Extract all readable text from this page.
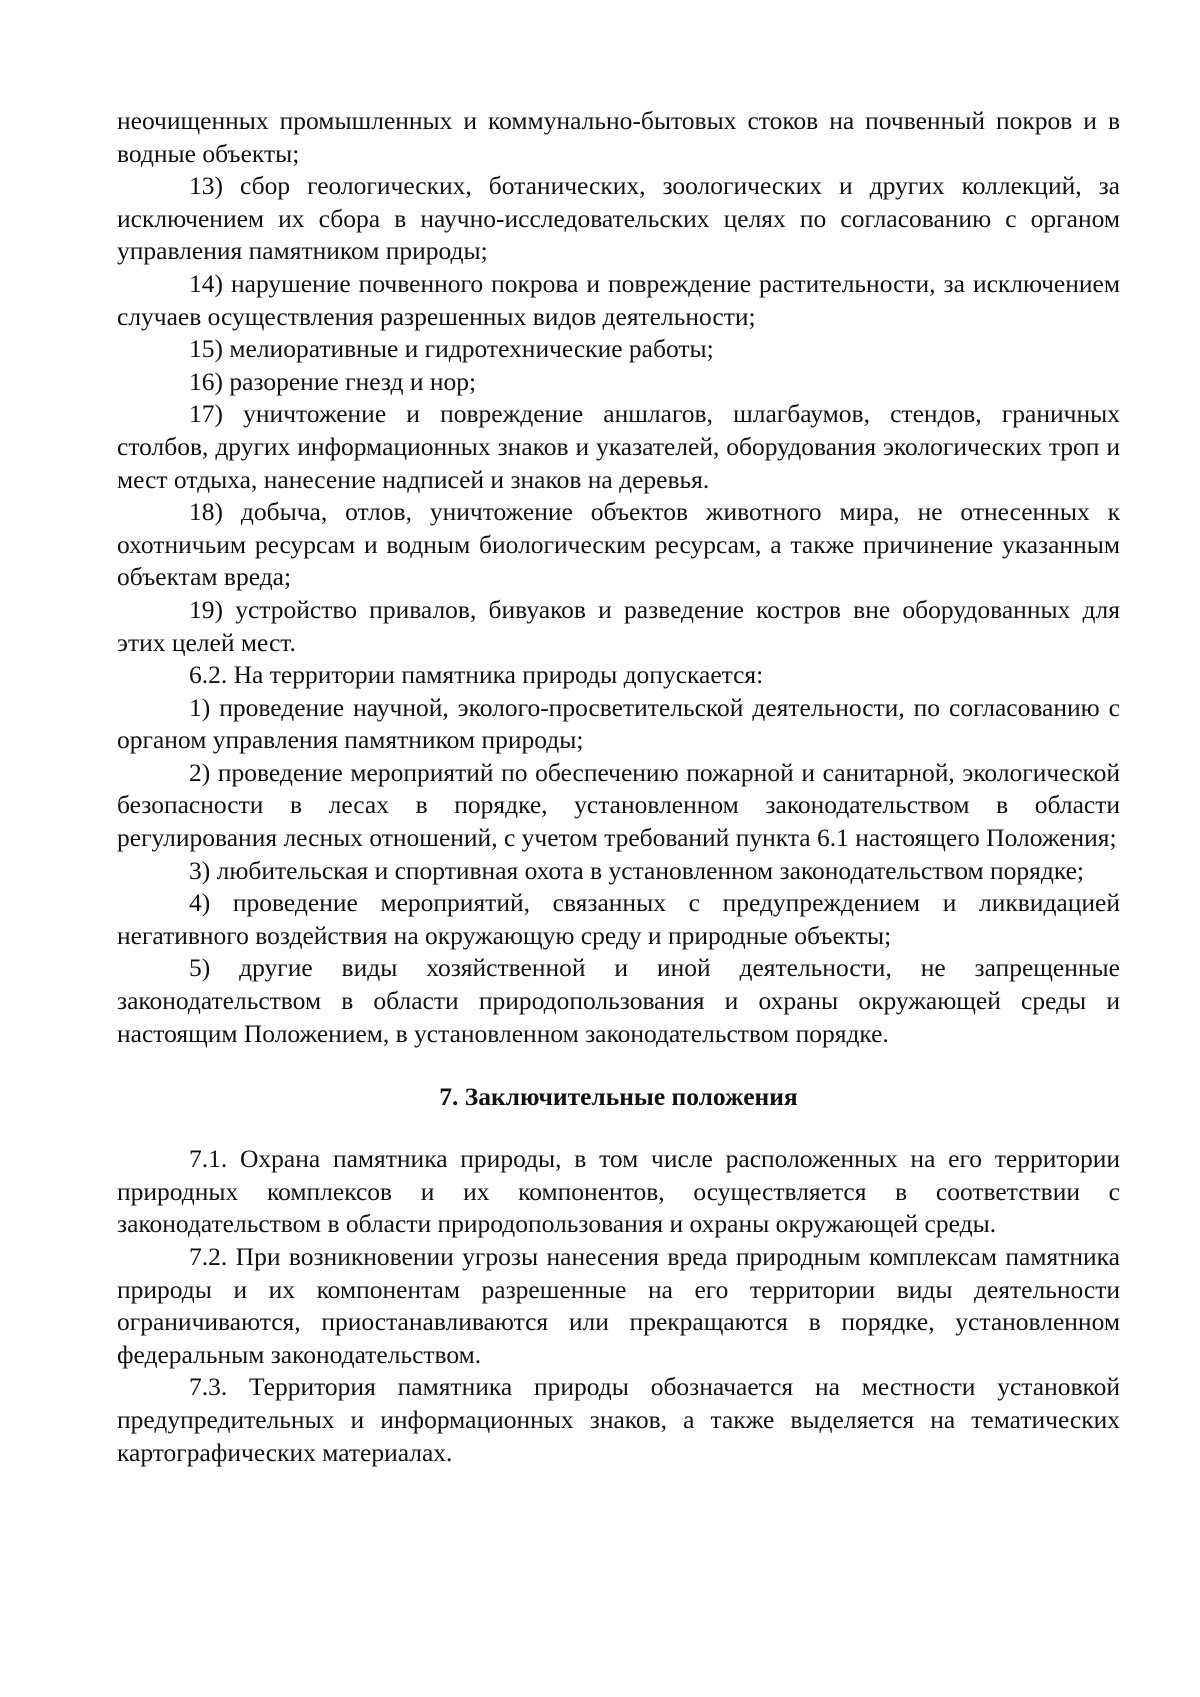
неочищенных промышленных и коммунально-бытовых стоков на почвенный покров и в водные объекты;

13) сбор геологических, ботанических, зоологических и других коллекций, за исключением их сбора в научно-исследовательских целях по согласованию с органом управления памятником природы;

14) нарушение почвенного покрова и повреждение растительности, за исключением случаев осуществления разрешенных видов деятельности;

15) мелиоративные и гидротехнические работы;

16) разорение гнезд и нор;

17) уничтожение и повреждение аншлагов, шлагбаумов, стендов, граничных столбов, других информационных знаков и указателей, оборудования экологических троп и мест отдыха, нанесение надписей и знаков на деревья.

18) добыча, отлов, уничтожение объектов животного мира, не отнесенных к охотничьим ресурсам и водным биологическим ресурсам, а также причинение указанным объектам вреда;

19) устройство привалов, бивуаков и разведение костров вне оборудованных для этих целей мест.

6.2. На территории памятника природы допускается:

1) проведение научной, эколого-просветительской деятельности, по согласованию с органом управления памятником природы;

2) проведение мероприятий по обеспечению пожарной и санитарной, экологической безопасности в лесах в порядке, установленном законодательством в области регулирования лесных отношений, с учетом требований пункта 6.1 настоящего Положения;

3) любительская и спортивная охота в установленном законодательством порядке;

4) проведение мероприятий, связанных с предупреждением и ликвидацией негативного воздействия на окружающую среду и природные объекты;

5) другие виды хозяйственной и иной деятельности, не запрещенные законодательством в области природопользования и охраны окружающей среды и настоящим Положением, в установленном законодательством порядке.

7. Заключительные положения

7.1. Охрана памятника природы, в том числе расположенных на его территории природных комплексов и их компонентов, осуществляется в соответствии с законодательством в области природопользования и охраны окружающей среды.

7.2. При возникновении угрозы нанесения вреда природным комплексам памятника природы и их компонентам разрешенные на его территории виды деятельности ограничиваются, приостанавливаются или прекращаются в порядке, установленном федеральным законодательством.

7.3. Территория памятника природы обозначается на местности установкой предупредительных и информационных знаков, а также выделяется на тематических картографических материалах.
